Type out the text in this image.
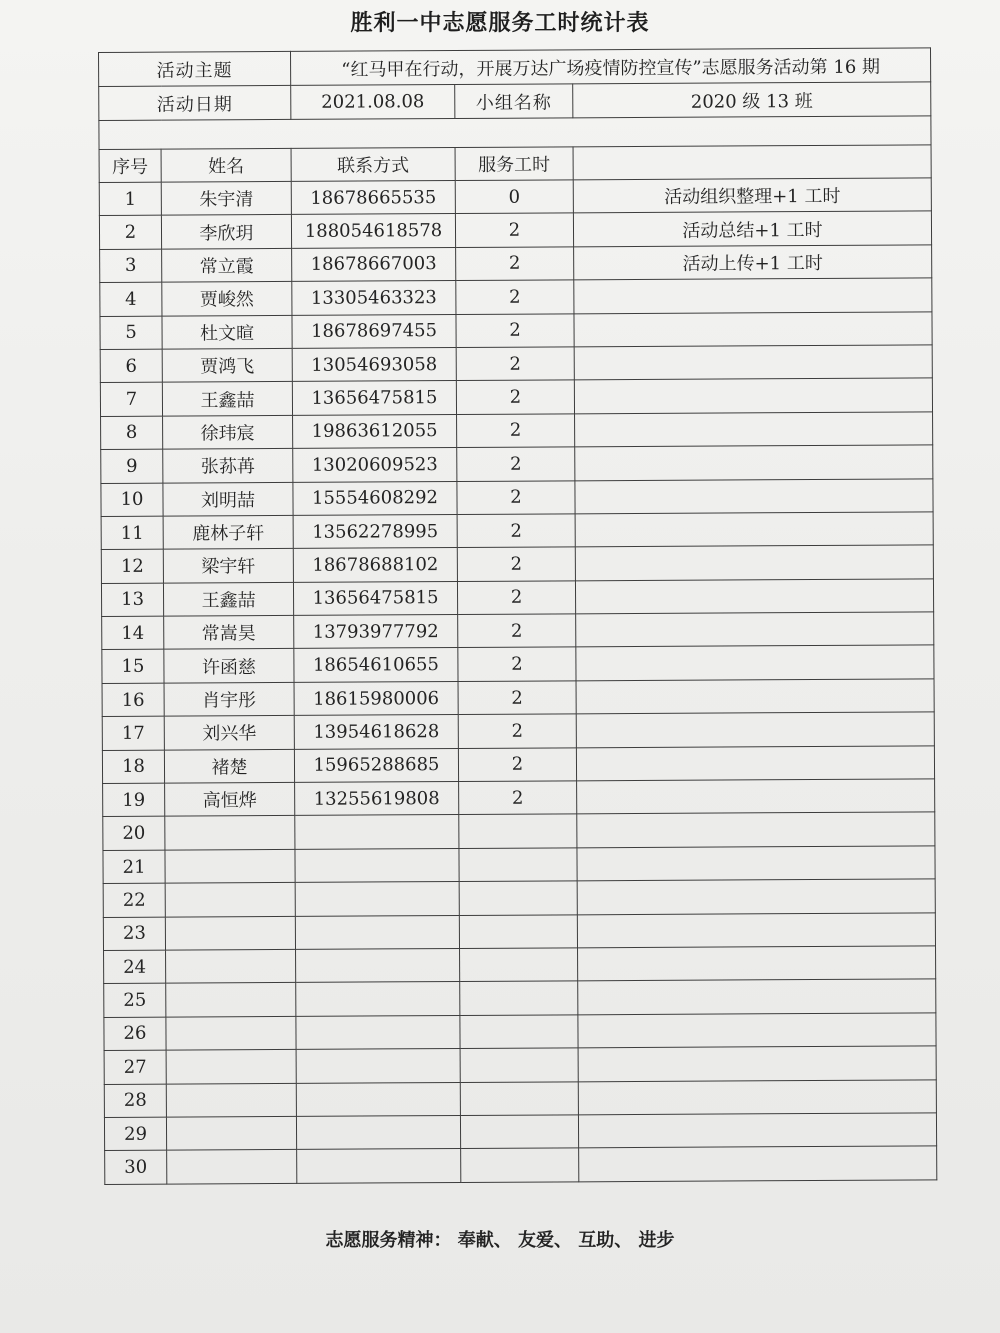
胜利一中志愿服务工时统计表
活动主题		“红马甲在行动，开展万达广场疫情防控宣传”志愿服务活动第 16 期		
活动日期		2021.08.08	小组名称	2020 级 13 班

序号	姓名	联系方式	服务工时	
1	朱宇清	18678665535	0	活动组织整理+1 工时
2	李欣玥	188054618578	2	活动总结+1 工时
3	常立霞	18678667003	2	活动上传+1 工时
4	贾峻然	13305463323	2	
5	杜文暄	18678697455	2	
6	贾鸿飞	13054693058	2	
7	王鑫喆	13656475815	2	
8	徐玮宸	19863612055	2	
9	张荪苒	13020609523	2	
10	刘明喆	15554608292	2	
11	鹿林子轩	13562278995	2	
12	梁宇轩	18678688102	2	
13	王鑫喆	13656475815	2	
14	常嵩昊	13793977792	2	
15	许函慈	18654610655	2	
16	肖宇彤	18615980006	2	
17	刘兴华	13954618628	2	
18	褚楚	15965288685	2	
19	高恒烨	13255619808	2	
20				
21				
22				
23				
24				
25				
26				
27				
28				
29				
30				
志愿服务精神： 奉献、 友爱、 互助、 进步
